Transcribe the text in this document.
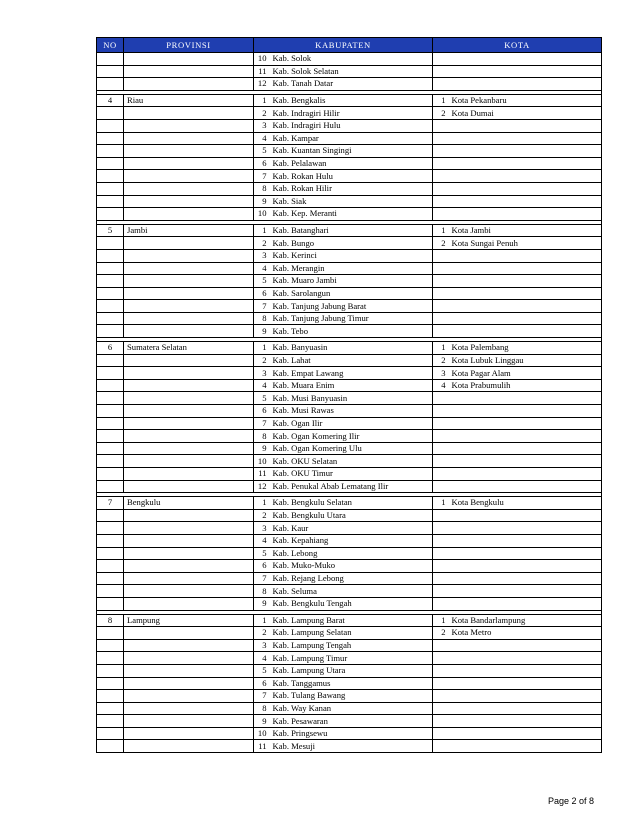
NO	PROVINSI	KABUPATEN		KOTA	
		10	Kab. Solok		
		11	Kab. Solok Selatan		
		12	Kab. Tanah Datar		

4	Riau	1	Kab. Bengkalis	1	Kota Pekanbaru
		2	Kab. Indragiri Hilir	2	Kota Dumai
		3	Kab. Indragiri Hulu		
		4	Kab. Kampar		
		5	Kab. Kuantan Singingi		
		6	Kab. Pelalawan		
		7	Kab. Rokan Hulu		
		8	Kab. Rokan Hilir		
		9	Kab. Siak		
		10	Kab. Kep. Meranti		

5	Jambi	1	Kab. Batanghari	1	Kota Jambi
		2	Kab. Bungo	2	Kota Sungai Penuh
		3	Kab. Kerinci		
		4	Kab. Merangin		
		5	Kab. Muaro Jambi		
		6	Kab. Sarolangun		
		7	Kab. Tanjung Jabung Barat		
		8	Kab. Tanjung Jabung Timur		
		9	Kab. Tebo		

6	Sumatera Selatan	1	Kab. Banyuasin	1	Kota Palembang
		2	Kab. Lahat	2	Kota Lubuk Linggau
		3	Kab. Empat Lawang	3	Kota Pagar Alam
		4	Kab. Muara Enim	4	Kota Prabumulih
		5	Kab. Musi Banyuasin		
		6	Kab. Musi Rawas		
		7	Kab. Ogan Ilir		
		8	Kab. Ogan Komering Ilir		
		9	Kab. Ogan Komering Ulu		
		10	Kab. OKU Selatan		
		11	Kab. OKU Timur		
		12	Kab. Penukal Abab Lematang Ilir		

7	Bengkulu	1	Kab. Bengkulu Selatan	1	Kota Bengkulu
		2	Kab. Bengkulu Utara		
		3	Kab. Kaur		
		4	Kab. Kepahiang		
		5	Kab. Lebong		
		6	Kab. Muko-Muko		
		7	Kab. Rejang Lebong		
		8	Kab. Seluma		
		9	Kab. Bengkulu Tengah		

8	Lampung	1	Kab. Lampung Barat	1	Kota Bandarlampung
		2	Kab. Lampung Selatan	2	Kota Metro
		3	Kab. Lampung Tengah		
		4	Kab. Lampung Timur		
		5	Kab. Lampung Utara		
		6	Kab. Tanggamus		
		7	Kab. Tulang Bawang		
		8	Kab. Way Kanan		
		9	Kab. Pesawaran		
		10	Kab. Pringsewu		
		11	Kab. Mesuji		
Page 2 of 8
